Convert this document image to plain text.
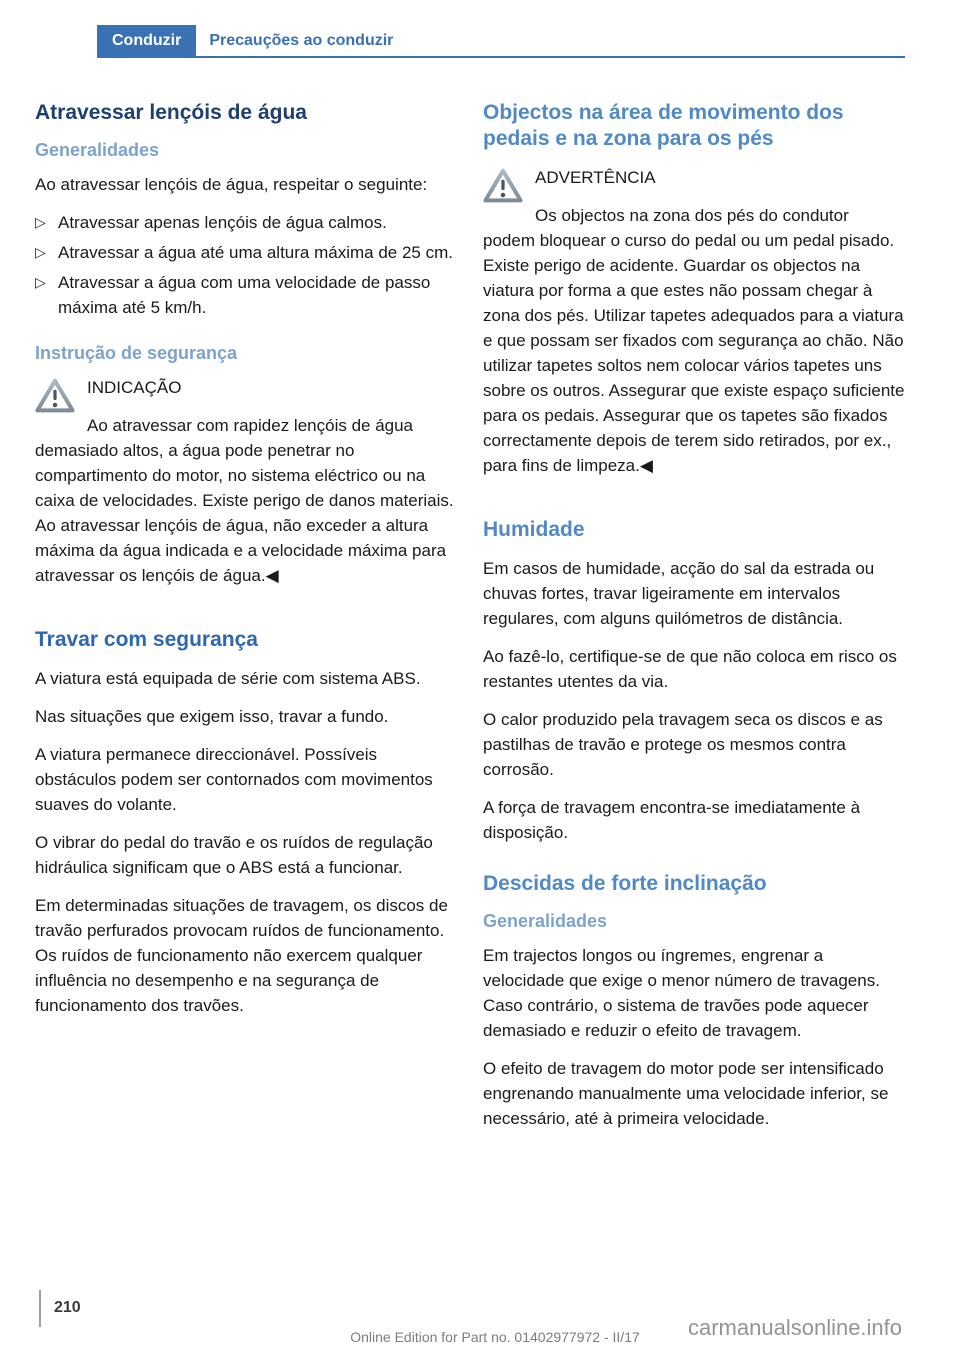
Conduzir Precauções ao conduzir
Atravessar lençóis de água
Generalidades

Ao atravessar lençóis de água, respeitar o seguinte:

▷ Atravessar apenas lençóis de água calmos.
▷ Atravessar a água até uma altura máxima de 25 cm.
▷ Atravessar a água com uma velocidade de passo máxima até 5 km/h.
Instrução de segurança

INDICAÇÃO

Ao atravessar com rapidez lençóis de água demasiado altos, a água pode penetrar no compartimento do motor, no sistema eléctrico ou na caixa de velocidades. Existe perigo de danos materiais. Ao atravessar lençóis de água, não exceder a altura máxima da água indicada e a velocidade máxima para atravessar os lençóis de água.◀

Travar com segurança

A viatura está equipada de série com sistema ABS.

Nas situações que exigem isso, travar a fundo.

A viatura permanece direccionável. Possíveis obstáculos podem ser contornados com movimentos suaves do volante.

O vibrar do pedal do travão e os ruídos de regulação hidráulica significam que o ABS está a funcionar.

Em determinadas situações de travagem, os discos de travão perfurados provocam ruídos de funcionamento. Os ruídos de funcionamento não exercem qualquer influência no desempenho e na segurança de funcionamento dos travões.

Objectos na área de movimento dos pedais e na zona para os pés

ADVERTÊNCIA

Os objectos na zona dos pés do condutor podem bloquear o curso do pedal ou um pedal pisado. Existe perigo de acidente. Guardar os objectos na viatura por forma a que estes não possam chegar à zona dos pés. Utilizar tapetes adequados para a viatura e que possam ser fixados com segurança ao chão. Não utilizar tapetes soltos nem colocar vários tapetes uns sobre os outros. Assegurar que existe espaço suficiente para os pedais. Assegurar que os tapetes são fixados correctamente depois de terem sido retirados, por ex., para fins de limpeza.◀

Humidade

Em casos de humidade, acção do sal da estrada ou chuvas fortes, travar ligeiramente em intervalos regulares, com alguns quilómetros de distância.

Ao fazê-lo, certifique-se de que não coloca em risco os restantes utentes da via.

O calor produzido pela travagem seca os discos e as pastilhas de travão e protege os mesmos contra corrosão.

A força de travagem encontra-se imediatamente à disposição.

Descidas de forte inclinação
Generalidades

Em trajectos longos ou íngremes, engrenar a velocidade que exige o menor número de travagens. Caso contrário, o sistema de travões pode aquecer demasiado e reduzir o efeito de travagem.

O efeito de travagem do motor pode ser intensificado engrenando manualmente uma velocidade inferior, se necessário, até à primeira velocidade.

210
Online Edition for Part no. 01402977972 - II/17	carmanualsonline.info
